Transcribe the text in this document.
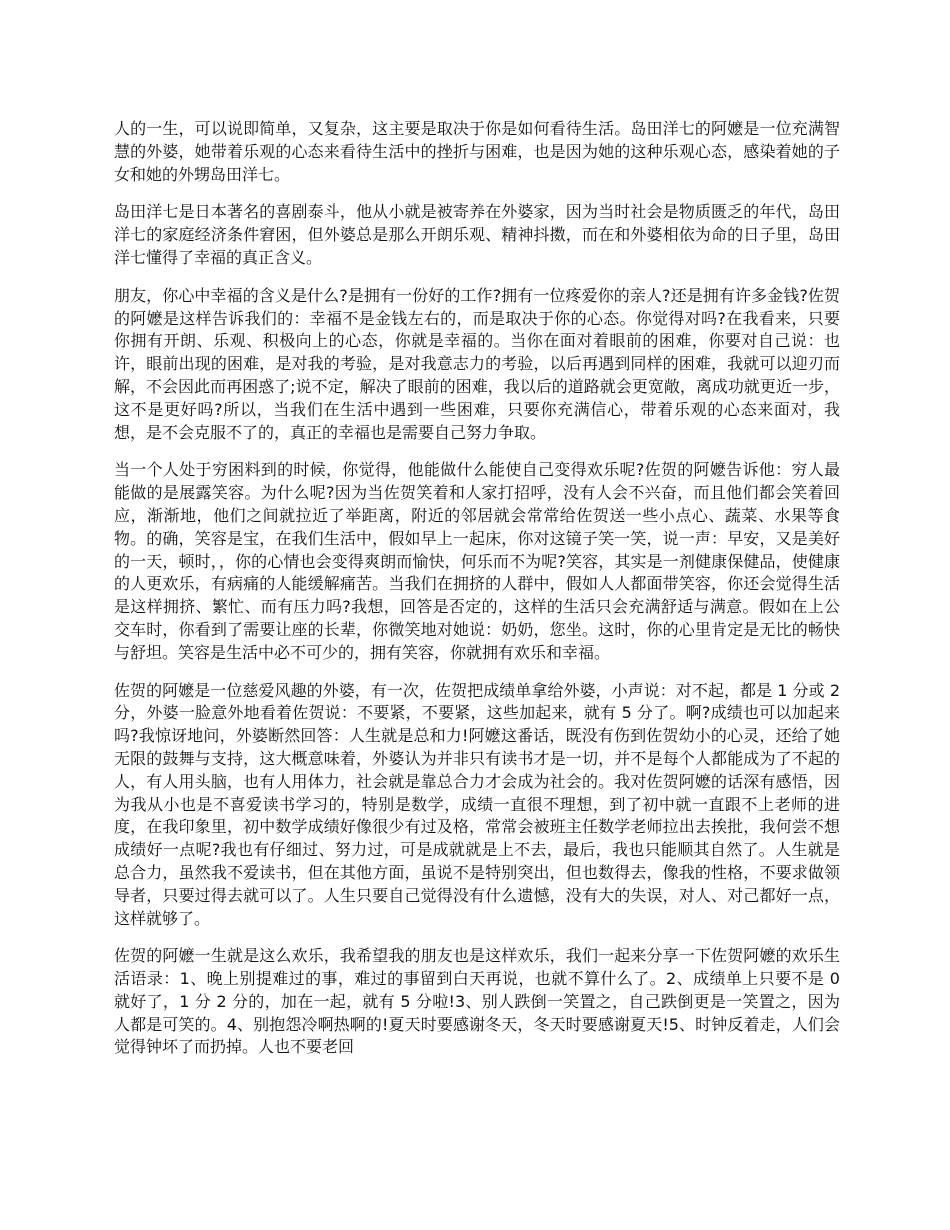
人的一生，可以说即简单，又复杂，这主要是取决于你是如何看待生活。岛田洋七的阿嬷是一位充满智慧的外婆，她带着乐观的心态来看待生活中的挫折与困难，也是因为她的这种乐观心态，感染着她的子女和她的外甥岛田洋七。

岛田洋七是日本著名的喜剧泰斗，他从小就是被寄养在外婆家，因为当时社会是物质匮乏的年代，岛田洋七的家庭经济条件窘困，但外婆总是那么开朗乐观、精神抖擞，而在和外婆相依为命的日子里，岛田洋七懂得了幸福的真正含义。

朋友，你心中幸福的含义是什么?是拥有一份好的工作?拥有一位疼爱你的亲人?还是拥有许多金钱?佐贺的阿嬷是这样告诉我们的：幸福不是金钱左右的，而是取决于你的心态。你觉得对吗?在我看来，只要你拥有开朗、乐观、积极向上的心态，你就是幸福的。当你在面对着眼前的困难，你要对自己说：也许，眼前出现的困难，是对我的考验，是对我意志力的考验，以后再遇到同样的困难，我就可以迎刃而解，不会因此而再困惑了;说不定，解决了眼前的困难，我以后的道路就会更宽敞，离成功就更近一步，这不是更好吗?所以，当我们在生活中遇到一些困难，只要你充满信心，带着乐观的心态来面对，我想，是不会克服不了的，真正的幸福也是需要自己努力争取。

当一个人处于穷困料到的时候，你觉得，他能做什么能使自己变得欢乐呢?佐贺的阿嬷告诉他：穷人最能做的是展露笑容。为什么呢?因为当佐贺笑着和人家打招呼，没有人会不兴奋，而且他们都会笑着回应，渐渐地，他们之间就拉近了举距离，附近的邻居就会常常给佐贺送一些小点心、蔬菜、水果等食物。的确，笑容是宝，在我们生活中，假如早上一起床，你对这镜子笑一笑，说一声：早安，又是美好的一天，顿时，，你的心情也会变得爽朗而愉快，何乐而不为呢?笑容，其实是一剂健康保健品，使健康的人更欢乐，有病痛的人能缓解痛苦。当我们在拥挤的人群中，假如人人都面带笑容，你还会觉得生活是这样拥挤、繁忙、而有压力吗?我想，回答是否定的，这样的生活只会充满舒适与满意。假如在上公交车时，你看到了需要让座的长辈，你微笑地对她说：奶奶，您坐。这时，你的心里肯定是无比的畅快与舒坦。笑容是生活中必不可少的，拥有笑容，你就拥有欢乐和幸福。

佐贺的阿嬷是一位慈爱风趣的外婆，有一次，佐贺把成绩单拿给外婆，小声说：对不起，都是 1 分或 2 分，外婆一脸意外地看着佐贺说：不要紧，不要紧，这些加起来，就有 5 分了。啊?成绩也可以加起来吗?我惊讶地问，外婆断然回答：人生就是总和力!阿嬷这番话，既没有伤到佐贺幼小的心灵，还给了她无限的鼓舞与支持，这大概意味着，外婆认为并非只有读书才是一切，并不是每个人都能成为了不起的人，有人用头脑，也有人用体力，社会就是靠总合力才会成为社会的。我对佐贺阿嬷的话深有感悟，因为我从小也是不喜爱读书学习的，特别是数学，成绩一直很不理想，到了初中就一直跟不上老师的进度，在我印象里，初中数学成绩好像很少有过及格，常常会被班主任数学老师拉出去挨批，我何尝不想成绩好一点呢?我也有仔细过、努力过，可是成就就是上不去，最后，我也只能顺其自然了。人生就是总合力，虽然我不爱读书，但在其他方面，虽说不是特别突出，但也数得去，像我的性格，不要求做领导者，只要过得去就可以了。人生只要自己觉得没有什么遗憾，没有大的失误，对人、对己都好一点，这样就够了。

佐贺的阿嬷一生就是这么欢乐，我希望我的朋友也是这样欢乐，我们一起来分享一下佐贺阿嬷的欢乐生活语录：1、晚上别提难过的事，难过的事留到白天再说，也就不算什么了。2、成绩单上只要不是 0 就好了，1 分 2 分的，加在一起，就有 5 分啦!3、别人跌倒一笑置之，自己跌倒更是一笑置之，因为人都是可笑的。4、别抱怨冷啊热啊的!夏天时要感谢冬天，冬天时要感谢夏天!5、时钟反着走，人们会觉得钟坏了而扔掉。人也不要老回
